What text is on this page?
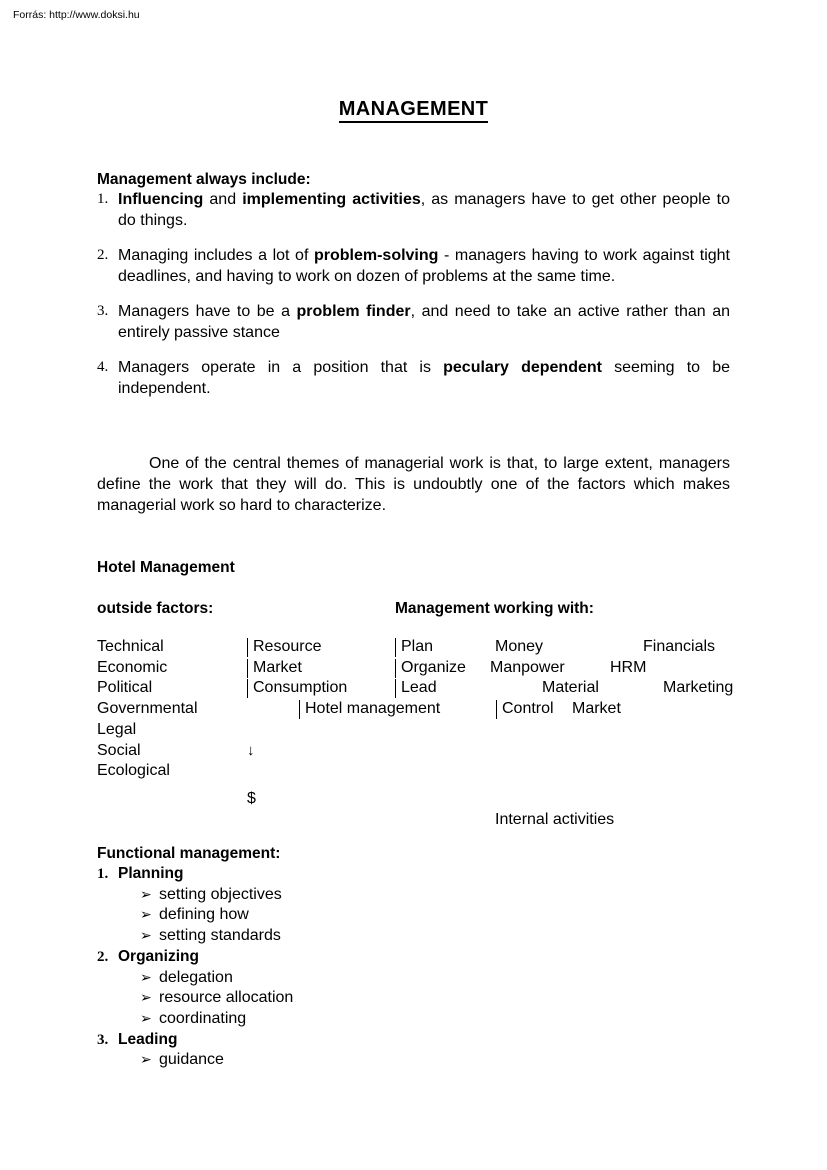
Forrás: http://www.doksi.hu
MANAGEMENT
Management always include:
1. Influencing and implementing activities, as managers have to get other people to do things.
2. Managing includes a lot of problem-solving - managers having to work against tight deadlines, and having to work on dozen of problems at the same time.
3. Managers have to be a problem finder, and need to take an active rather than an entirely passive stance
4. Managers operate in a position that is peculary dependent seeming to be independent.

One of the central themes of managerial work is that, to large extent, managers define the work that they will do. This is undoubtly one of the factors which makes managerial work so hard to characterize.

Hotel Management
outside factors:	Management working with:
Technical
Economic
Political
Governmental
Legal
Social
Ecological
Resource
Market
Consumption
Hotel management
Plan
Organize
Lead
Control
Money
Manpower
Material
Market
Financials
HRM
Marketing
↓
$
Internal activities
Functional management:
1. Planning
➢ setting objectives
➢ defining how
➢ setting standards
2. Organizing
➢ delegation
➢ resource allocation
➢ coordinating
3. Leading
➢ guidance
